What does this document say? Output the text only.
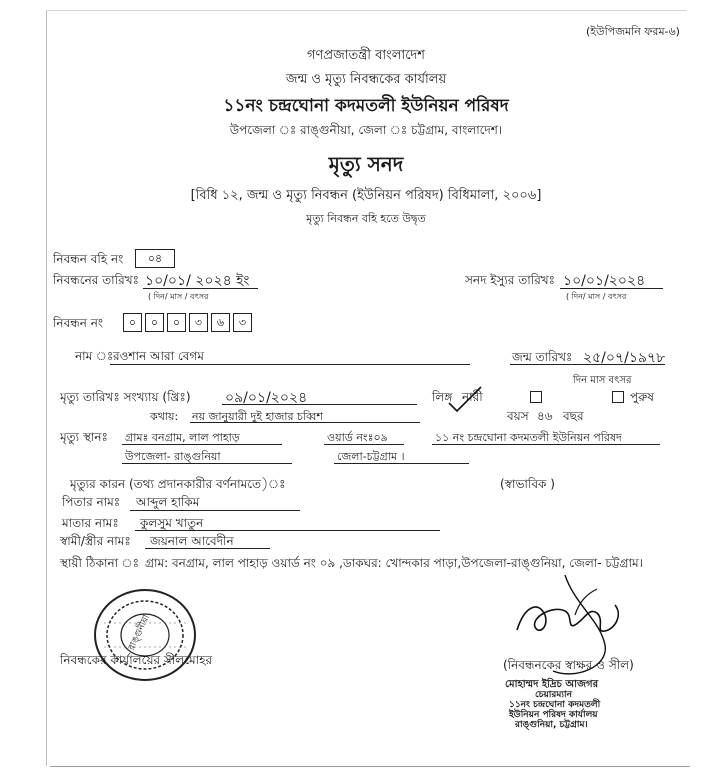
(ইউপিজমনি ফরম-৬)
গণপ্রজাতন্ত্রী বাংলাদেশ
জন্ম ও মৃত্যু নিবন্ধকের কার্যালয়
১১নং চন্দ্রঘোনা কদমতলী ইউনিয়ন পরিষদ
উপজেলা ঃ রাঙ্গুনীয়া, জেলা ঃ চট্টগ্রাম, বাংলাদেশ।
মৃত্যু সনদ
[বিধি ১২, জন্ম ও মৃত্যু নিবন্ধন (ইউনিয়ন পরিষদ) বিধিমালা, ২০০৬]
মৃত্যু নিবন্ধন বহি হতে উদ্বৃত
নিবন্ধন বহি নং	০৪
নিবন্ধনের তারিখঃ ১০/০১/ ২০২৪ ইং
( দিন/ মাস / বৎসর
সনদ ইস্যুর তারিখঃ ১০/০১/২০২৪
( দিন/ মাস / বৎসর
নিবন্ধন নং	০	০	০	৩	৬	৩
নাম ঃ রওশান আরা বেগম	জন্ম তারিখঃ ২৫/০৭/১৯৭৮
দিন মাস বৎসর
মৃত্যু তারিখঃ সংখ্যায় (খ্রিঃ) ০৯/০১/২০২৪	লিঙ্গ নারী	পুরুষ
কথায়: নয় জানুয়ারী দুই হাজার চব্বিশ	বয়স ৪৬ বছর
মৃত্যু স্থানঃ গ্রামঃ বনগ্রাম, লাল পাহাড়	ওয়ার্ড নংঃ০৯	১১ নং চন্দ্রঘোনা কদমতলী ইউনিয়ন পরিষদ
উপজেলা- রাঙ্গুনিয়া	জেলা-চট্টগ্রাম ।
মৃত্যুর কারন (তথ্য প্রদানকারীর বর্ণনামতে)ঃ	(স্বাভাবিক )
পিতার নামঃ আব্দুল হাকিম
মাতার নামঃ কুলসুম খাতুন
স্বামী/স্ত্রীর নামঃ জয়নাল আবেদীন
স্থায়ী ঠিকানা ঃ গ্রাম: বনগ্রাম, লাল পাহাড় ওয়ার্ড নং ০৯ ,ডাকঘর: খোন্দকার পাড়া,উপজেলা-রাঙ্গুনিয়া, জেলা- চট্টগ্রাম।
রাঙ্গুনীয়া
নিবন্ধকের কার্যালয়ের সীলমোহর	(নিবন্ধনকের স্বাক্ষর ও সীল)
মোহাম্মদ ইদ্রিচ আজগর
চেয়ারম্যান
১১নং চন্দ্রঘোনা কদমতলী
ইউনিয়ন পরিষদ কার্যালয়
রাঙ্গুনিয়া, চট্টগ্রাম।
